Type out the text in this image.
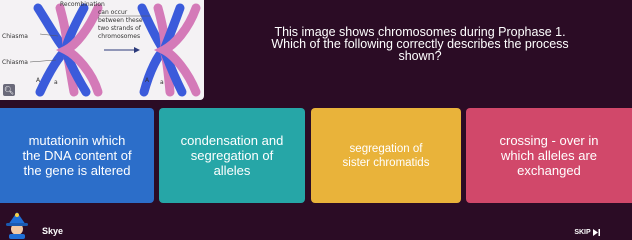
Recombination
can occur
between these
two strands of
chromosomes
Chiasma
Chiasma
A a	A a
🔍︎
This image shows chromosomes during Prophase 1.
Which of the following correctly describes the process
shown?
mutationin which
the DNA content of
the gene is altered
condensation and
segregation of
alleles
segregation of
sister chromatids
crossing - over in
which alleles are
exchanged
Skye	SKIP
